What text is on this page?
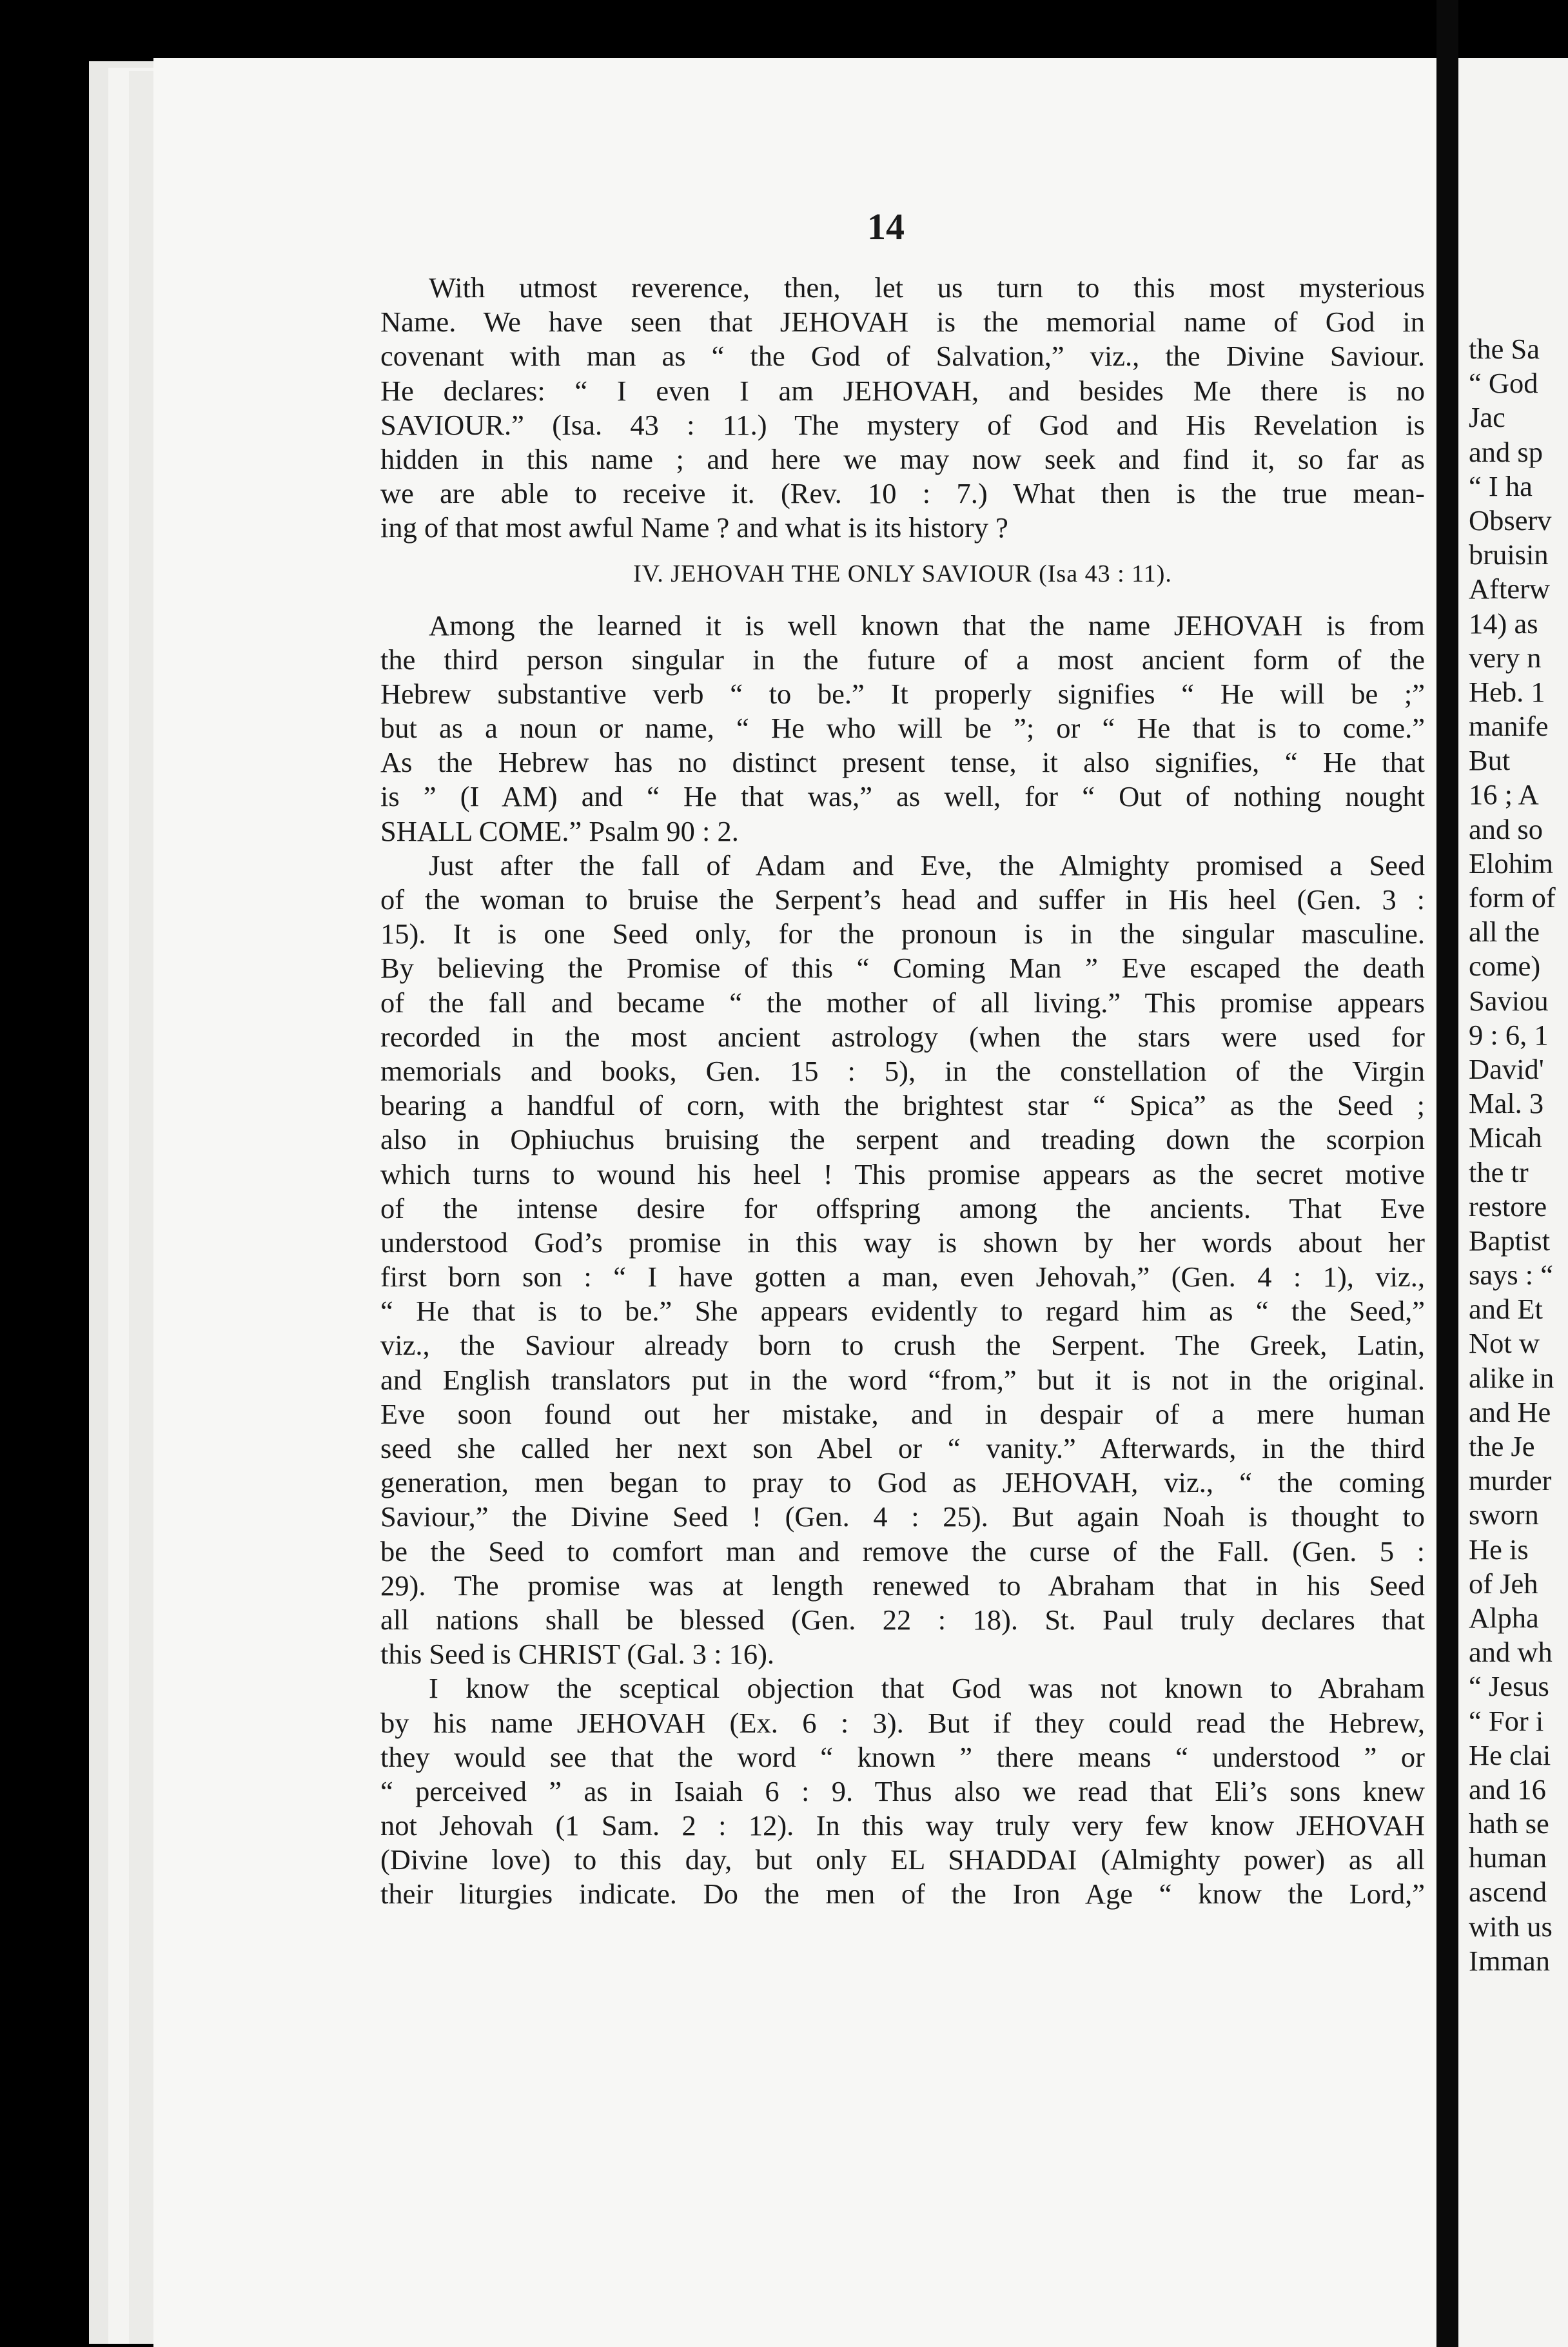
the Sa
“ God
Jac
and sp
“ I ha
Observ
bruisin
Afterw
14) as
very n
Heb. 1
manife
But
16 ; A
and so
Elohim
form of
all the
come)
Saviou
9 : 6, 1
David'
Mal. 3
Micah
the tr
restore
Baptist
says : “
and Et
Not w
alike in
and He
the Je
murder
sworn
He is
of Jeh
Alpha
and wh
“ Jesus
“ For i
He clai
and 16
hath se
human
ascend
with us
Imman
14
With utmost reverence, then, let us turn to this most mysterious
Name. We have seen that JEHOVAH is the memorial name of God in
covenant with man as “ the God of Salvation,” viz., the Divine Saviour.
He declares: “ I even I am JEHOVAH, and besides Me there is no
SAVIOUR.” (Isa. 43 : 11.) The mystery of God and His Revelation is
hidden in this name ; and here we may now seek and find it, so far as
we are able to receive it. (Rev. 10 : 7.) What then is the true mean-
ing of that most awful Name ? and what is its history ?
IV. JEHOVAH THE ONLY SAVIOUR (Isa 43 : 11).
Among the learned it is well known that the name JEHOVAH is from
the third person singular in the future of a most ancient form of the
Hebrew substantive verb “ to be.” It properly signifies “ He will be ;”
but as a noun or name, “ He who will be ”; or “ He that is to come.”
As the Hebrew has no distinct present tense, it also signifies, “ He that
is ” (I AM) and “ He that was,” as well, for “ Out of nothing nought
SHALL COME.” Psalm 90 : 2.
Just after the fall of Adam and Eve, the Almighty promised a Seed
of the woman to bruise the Serpent’s head and suffer in His heel (Gen. 3 :
15). It is one Seed only, for the pronoun is in the singular masculine.
By believing the Promise of this “ Coming Man ” Eve escaped the death
of the fall and became “ the mother of all living.” This promise appears
recorded in the most ancient astrology (when the stars were used for
memorials and books, Gen. 15 : 5), in the constellation of the Virgin
bearing a handful of corn, with the brightest star “ Spica” as the Seed ;
also in Ophiuchus bruising the serpent and treading down the scorpion
which turns to wound his heel ! This promise appears as the secret motive
of the intense desire for offspring among the ancients. That Eve
understood God’s promise in this way is shown by her words about her
first born son : “ I have gotten a man, even Jehovah,” (Gen. 4 : 1), viz.,
“ He that is to be.” She appears evidently to regard him as “ the Seed,”
viz., the Saviour already born to crush the Serpent. The Greek, Latin,
and English translators put in the word “from,” but it is not in the original.
Eve soon found out her mistake, and in despair of a mere human
seed she called her next son Abel or “ vanity.” Afterwards, in the third
generation, men began to pray to God as JEHOVAH, viz., “ the coming
Saviour,” the Divine Seed ! (Gen. 4 : 25). But again Noah is thought to
be the Seed to comfort man and remove the curse of the Fall. (Gen. 5 :
29). The promise was at length renewed to Abraham that in his Seed
all nations shall be blessed (Gen. 22 : 18). St. Paul truly declares that
this Seed is CHRIST (Gal. 3 : 16).
I know the sceptical objection that God was not known to Abraham
by his name JEHOVAH (Ex. 6 : 3). But if they could read the Hebrew,
they would see that the word “ known ” there means “ understood ” or
“ perceived ” as in Isaiah 6 : 9. Thus also we read that Eli’s sons knew
not Jehovah (1 Sam. 2 : 12). In this way truly very few know JEHOVAH
(Divine love) to this day, but only EL SHADDAI (Almighty power) as all
their liturgies indicate. Do the men of the Iron Age “ know the Lord,”
